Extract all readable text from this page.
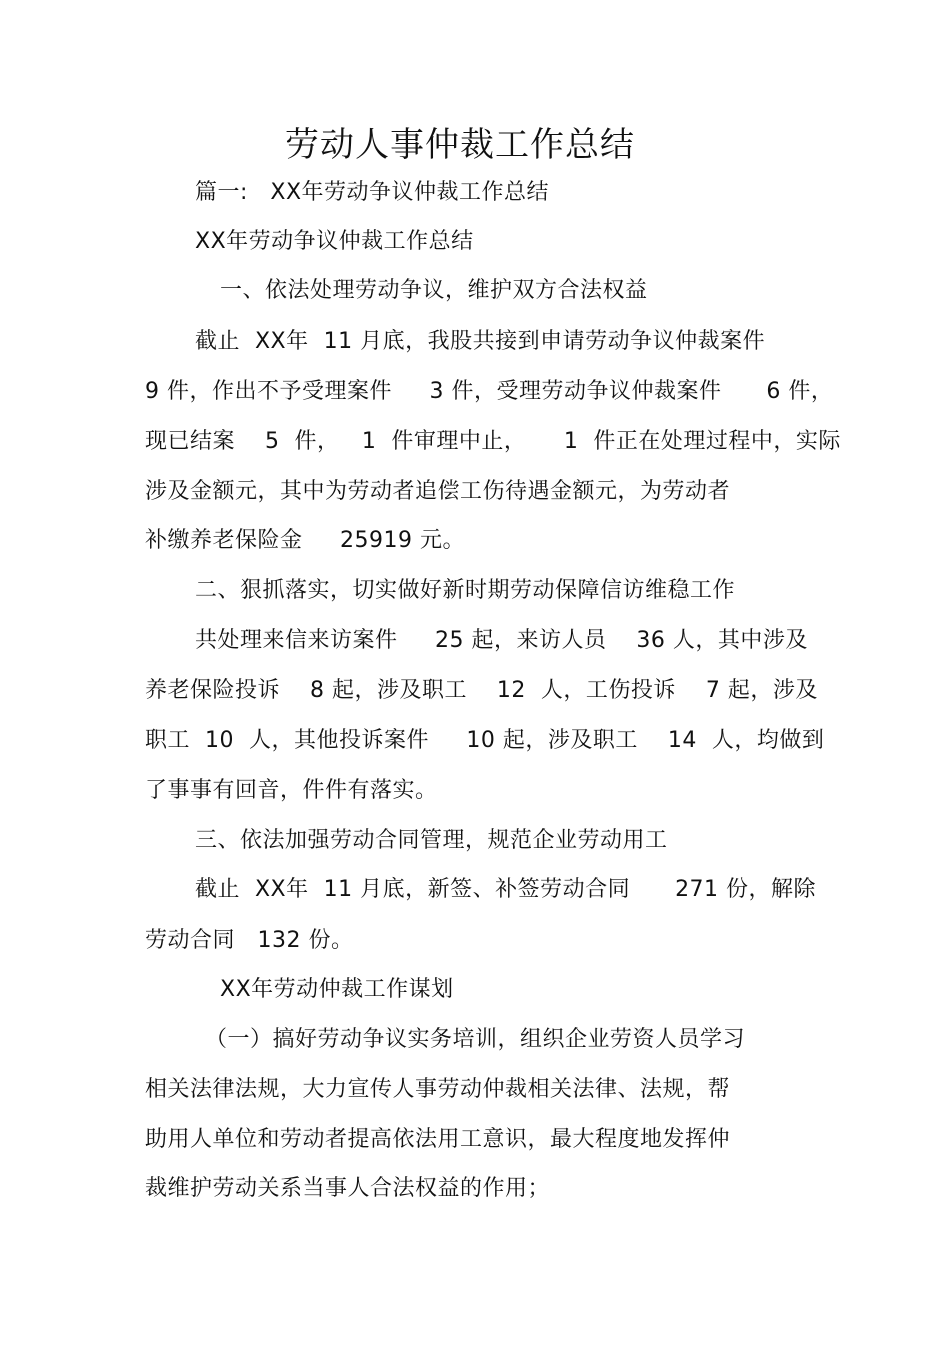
劳动人事仲裁工作总结
篇一:   XX年劳动争议仲裁工作总结
XX年劳动争议仲裁工作总结
一、依法处理劳动争议，维护双方合法权益
截止  XX年  11 月底，我股共接到申请劳动争议仲裁案件
9 件，作出不予受理案件     3 件，受理劳动争议仲裁案件      6 件，
现已结案    5  件，   1  件审理中止，     1  件正在处理过程中，实际
涉及金额元，其中为劳动者追偿工伤待遇金额元，为劳动者
补缴养老保险金     25919 元。
二、狠抓落实，切实做好新时期劳动保障信访维稳工作
共处理来信来访案件     25 起，来访人员    36 人，其中涉及
养老保险投诉    8 起，涉及职工    12  人，工伤投诉    7 起，涉及
职工  10  人，其他投诉案件     10 起，涉及职工    14  人，均做到
了事事有回音，件件有落实。
三、依法加强劳动合同管理，规范企业劳动用工
截止  XX年  11 月底，新签、补签劳动合同      271 份，解除
劳动合同   132 份。
XX年劳动仲裁工作谋划
（一）搞好劳动争议实务培训，组织企业劳资人员学习
相关法律法规，大力宣传人事劳动仲裁相关法律、法规，帮
助用人单位和劳动者提高依法用工意识，最大程度地发挥仲
裁维护劳动关系当事人合法权益的作用；
